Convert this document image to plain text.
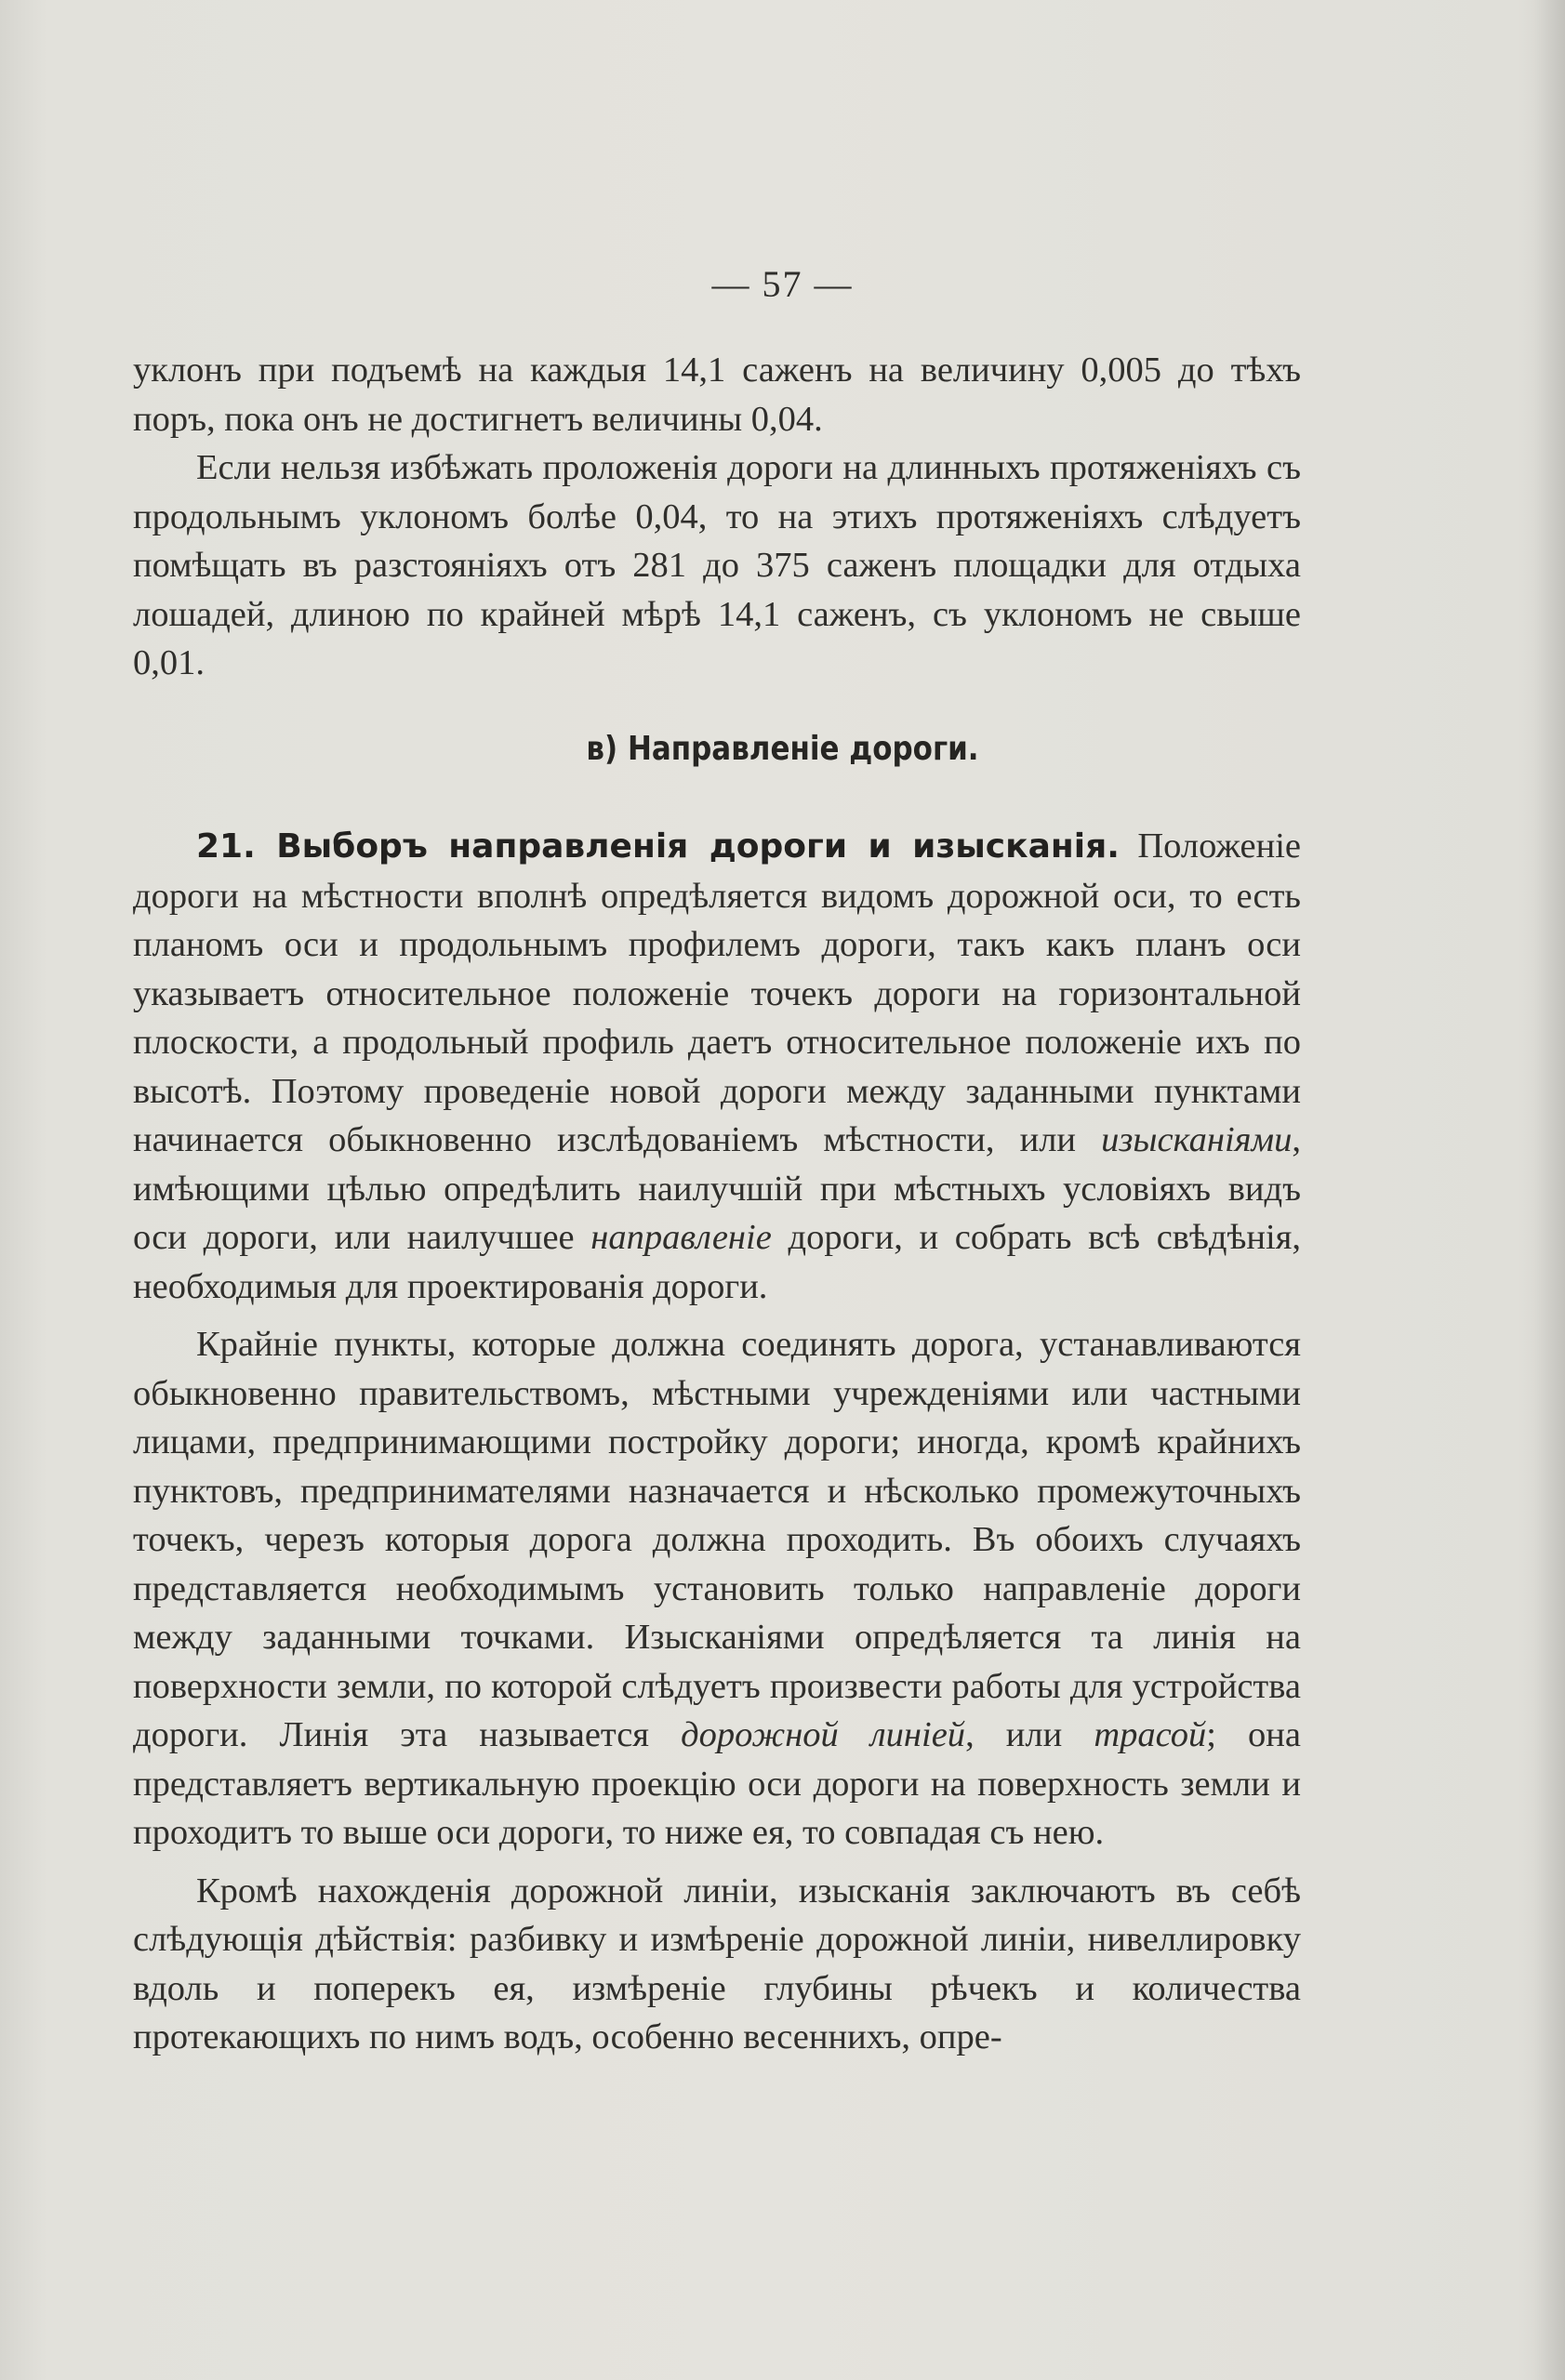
— 57 —

уклонъ при подъемѣ на каждыя 14,1 саженъ на величину 0,005 до тѣхъ поръ, пока онъ не достигнетъ величины 0,04.

Если нельзя избѣжать проложенія дороги на длинныхъ протяженіяхъ съ продольнымъ уклономъ болѣе 0,04, то на этихъ протяженіяхъ слѣдуетъ помѣщать въ разстояніяхъ отъ 281 до 375 саженъ площадки для отдыха лошадей, длиною по крайней мѣрѣ 14,1 саженъ, съ уклономъ не свыше 0,01.

в) Направленіе дороги.

21. Выборъ направленія дороги и изысканія. Положеніе дороги на мѣстности вполнѣ опредѣляется видомъ дорожной оси, то есть планомъ оси и продольнымъ профилемъ дороги, такъ какъ планъ оси указываетъ относительное положеніе точекъ дороги на горизонтальной плоскости, а продольный профиль даетъ относительное положеніе ихъ по высотѣ. Поэтому проведеніе новой дороги между заданными пунктами начинается обыкновенно изслѣдованіемъ мѣстности, или изысканіями, имѣющими цѣлью опредѣлить наилучшій при мѣстныхъ условіяхъ видъ оси дороги, или наилучшее направленіе дороги, и собрать всѣ свѣдѣнія, необходимыя для проектированія дороги.

Крайніе пункты, которые должна соединять дорога, устанавливаются обыкновенно правительствомъ, мѣстными учрежденіями или частными лицами, предпринимающими постройку дороги; иногда, кромѣ крайнихъ пунктовъ, предпринимателями назначается и нѣсколько промежуточныхъ точекъ, черезъ которыя дорога должна проходить. Въ обоихъ случаяхъ представляется необходимымъ установить только направленіе дороги между заданными точками. Изысканіями опредѣляется та линія на поверхности земли, по которой слѣдуетъ произвести работы для устройства дороги. Линія эта называется дорожной линіей, или трасой; она представляетъ вертикальную проекцію оси дороги на поверхность земли и проходитъ то выше оси дороги, то ниже ея, то совпадая съ нею.

Кромѣ нахожденія дорожной линіи, изысканія заключаютъ въ себѣ слѣдующія дѣйствія: разбивку и измѣреніе дорожной линіи, нивеллировку вдоль и поперекъ ея, измѣреніе глубины рѣчекъ и количества протекающихъ по нимъ водъ, особенно весеннихъ, опре-
